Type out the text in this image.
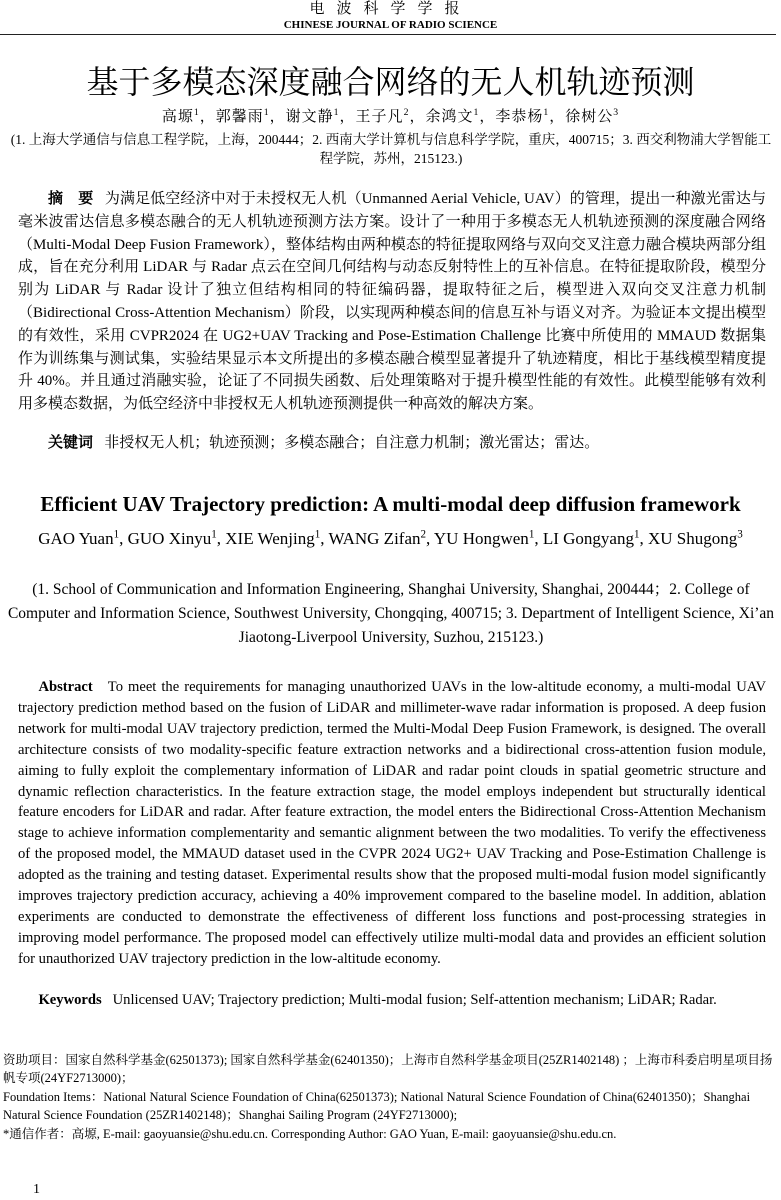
电波科学学报
CHINESE JOURNAL OF RADIO SCIENCE
基于多模态深度融合网络的无人机轨迹预测
高塬$^1$，郭馨雨$^1$，谢文静$^1$，王子凡$^2$，余鸿文$^1$，李恭杨$^1$，徐树公$^3$
(1. 上海大学通信与信息工程学院，上海，200444；2. 西南大学计算机与信息科学学院，重庆，400715；3. 西交利物浦大学智能工程学院，苏州，215123.)
摘　要 为满足低空经济中对于未授权无人机（Unmanned Aerial Vehicle, UAV）的管理，提出一种激光雷达与毫米波雷达信息多模态融合的无人机轨迹预测方法方案。设计了一种用于多模态无人机轨迹预测的深度融合网络（Multi-Modal Deep Fusion Framework），整体结构由两种模态的特征提取网络与双向交叉注意力融合模块两部分组成，旨在充分利用 LiDAR 与 Radar 点云在空间几何结构与动态反射特性上的互补信息。在特征提取阶段，模型分别为 LiDAR 与 Radar 设计了独立但结构相同的特征编码器，提取特征之后，模型进入双向交叉注意力机制（Bidirectional Cross-Attention Mechanism）阶段，以实现两种模态间的信息互补与语义对齐。为验证本文提出模型的有效性，采用 CVPR2024 在 UG2+UAV Tracking and Pose-Estimation Challenge 比赛中所使用的 MMAUD 数据集作为训练集与测试集，实验结果显示本文所提出的多模态融合模型显著提升了轨迹精度，相比于基线模型精度提升 40%。并且通过消融实验，论证了不同损失函数、后处理策略对于提升模型性能的有效性。此模型能够有效利用多模态数据，为低空经济中非授权无人机轨迹预测提供一种高效的解决方案。
关键词 非授权无人机；轨迹预测；多模态融合；自注意力机制；激光雷达；雷达。
Efficient UAV Trajectory prediction: A multi-modal deep diffusion framework
GAO Yuan$^1$, GUO Xinyu$^1$, XIE Wenjing$^1$, WANG Zifan$^2$, YU Hongwen$^1$, LI Gongyang$^1$, XU Shugong$^3$
(1. School of Communication and Information Engineering, Shanghai University, Shanghai, 200444；2. College of Computer and Information Science, Southwest University, Chongqing, 400715; 3. Department of Intelligent Science, Xi’an Jiaotong-Liverpool University, Suzhou, 215123.)
Abstract To meet the requirements for managing unauthorized UAVs in the low-altitude economy, a multi-modal UAV trajectory prediction method based on the fusion of LiDAR and millimeter-wave radar information is proposed. A deep fusion network for multi-modal UAV trajectory prediction, termed the Multi-Modal Deep Fusion Framework, is designed. The overall architecture consists of two modality-specific feature extraction networks and a bidirectional cross-attention fusion module, aiming to fully exploit the complementary information of LiDAR and radar point clouds in spatial geometric structure and dynamic reflection characteristics. In the feature extraction stage, the model employs independent but structurally identical feature encoders for LiDAR and radar. After feature extraction, the model enters the Bidirectional Cross-Attention Mechanism stage to achieve information complementarity and semantic alignment between the two modalities. To verify the effectiveness of the proposed model, the MMAUD dataset used in the CVPR 2024 UG2+ UAV Tracking and Pose-Estimation Challenge is adopted as the training and testing dataset. Experimental results show that the proposed multi-modal fusion model significantly improves trajectory prediction accuracy, achieving a 40% improvement compared to the baseline model. In addition, ablation experiments are conducted to demonstrate the effectiveness of different loss functions and post-processing strategies in improving model performance. The proposed model can effectively utilize multi-modal data and provides an efficient solution for unauthorized UAV trajectory prediction in the low-altitude economy.
Keywords Unlicensed UAV; Trajectory prediction; Multi-modal fusion; Self-attention mechanism; LiDAR; Radar.
资助项目：国家自然科学基金(62501373); 国家自然科学基金(62401350)；上海市自然科学基金项目(25ZR1402148) ；上海市科委启明星项目扬帆专项(24YF2713000)；
Foundation Items：National Natural Science Foundation of China(62501373); National Natural Science Foundation of China(62401350)；Shanghai Natural Science Foundation (25ZR1402148)；Shanghai Sailing Program (24YF2713000);
*通信作者：高塬, E-mail: gaoyuansie@shu.edu.cn. Corresponding Author: GAO Yuan, E-mail: gaoyuansie@shu.edu.cn.
1
